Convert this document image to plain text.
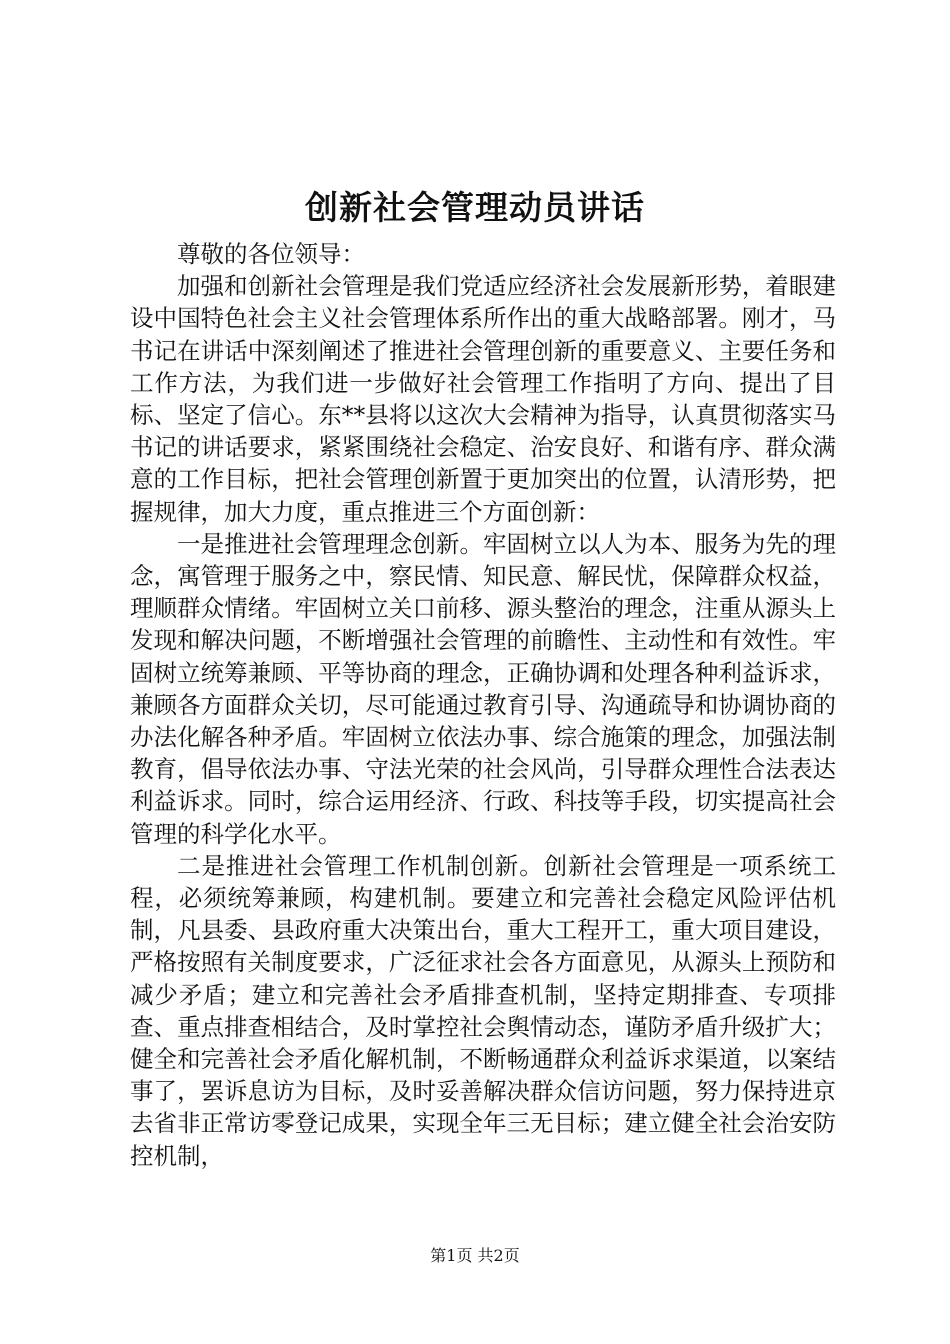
创新社会管理动员讲话

尊敬的各位领导：

加强和创新社会管理是我们党适应经济社会发展新形势，着眼建设中国特色社会主义社会管理体系所作出的重大战略部署。刚才，马书记在讲话中深刻阐述了推进社会管理创新的重要意义、主要任务和工作方法，为我们进一步做好社会管理工作指明了方向、提出了目标、坚定了信心。东**县将以这次大会精神为指导，认真贯彻落实马书记的讲话要求，紧紧围绕社会稳定、治安良好、和谐有序、群众满意的工作目标，把社会管理创新置于更加突出的位置，认清形势，把握规律，加大力度，重点推进三个方面创新：

一是推进社会管理理念创新。牢固树立以人为本、服务为先的理念，寓管理于服务之中，察民情、知民意、解民忧，保障群众权益，理顺群众情绪。牢固树立关口前移、源头整治的理念，注重从源头上发现和解决问题，不断增强社会管理的前瞻性、主动性和有效性。牢固树立统筹兼顾、平等协商的理念，正确协调和处理各种利益诉求，兼顾各方面群众关切，尽可能通过教育引导、沟通疏导和协调协商的办法化解各种矛盾。牢固树立依法办事、综合施策的理念，加强法制教育，倡导依法办事、守法光荣的社会风尚，引导群众理性合法表达利益诉求。同时，综合运用经济、行政、科技等手段，切实提高社会管理的科学化水平。

二是推进社会管理工作机制创新。创新社会管理是一项系统工程，必须统筹兼顾，构建机制。要建立和完善社会稳定风险评估机制，凡县委、县政府重大决策出台，重大工程开工，重大项目建设，严格按照有关制度要求，广泛征求社会各方面意见，从源头上预防和减少矛盾；建立和完善社会矛盾排查机制，坚持定期排查、专项排查、重点排查相结合，及时掌控社会舆情动态，谨防矛盾升级扩大；健全和完善社会矛盾化解机制，不断畅通群众利益诉求渠道，以案结事了，罢诉息访为目标，及时妥善解决群众信访问题，努力保持进京去省非正常访零登记成果，实现全年三无目标；建立健全社会治安防控机制，

第1页 共2页
